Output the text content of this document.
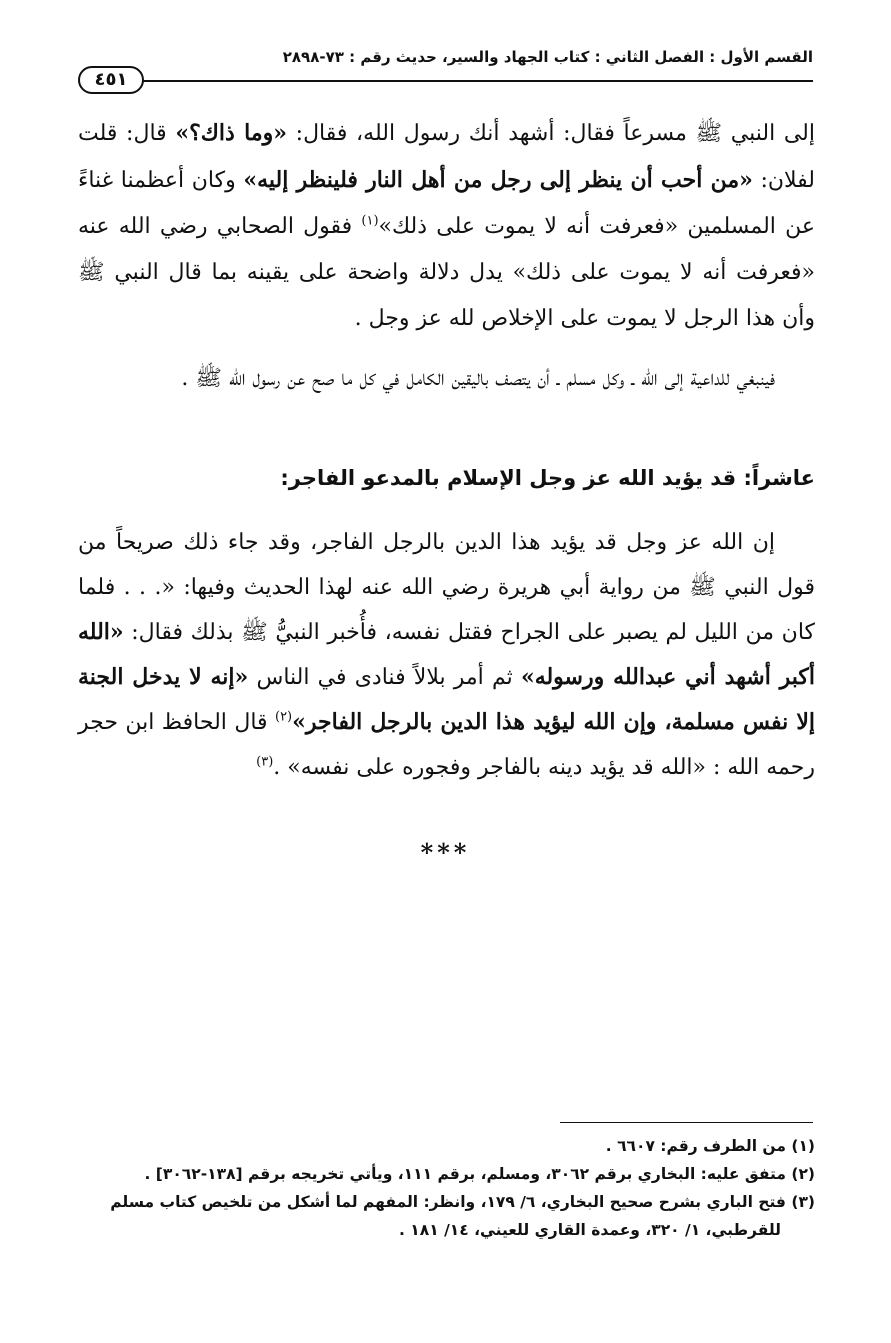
القسم الأول : الفصل الثاني : كتاب الجهاد والسير، حديث رقم : ٧٣-٢٨٩٨
٤٥١

إلى النبي ﷺ مسرعاً فقال: أشهد أنك رسول الله، فقال: «وما ذاك؟» قال: قلت لفلان: «من أحب أن ينظر إلى رجل من أهل النار فلينظر إليه» وكان أعظمنا غناءً عن المسلمين «فعرفت أنه لا يموت على ذلك»$^{(١)}$ فقول الصحابي رضي الله عنه «فعرفت أنه لا يموت على ذلك» يدل دلالة واضحة على يقينه بما قال النبي ﷺ وأن هذا الرجل لا يموت على الإخلاص لله عز وجل .

فينبغي للداعية إلى الله ـ وكل مسلم ـ أن يتصف باليقين الكامل في كل ما صح عن رسول الله ﷺ .

عاشراً: قد يؤيد الله عز وجل الإسلام بالمدعو الفاجر:

إن الله عز وجل قد يؤيد هذا الدين بالرجل الفاجر، وقد جاء ذلك صريحاً من قول النبي ﷺ من رواية أبي هريرة رضي الله عنه لهذا الحديث وفيها: «. . . فلما كان من الليل لم يصبر على الجراح فقتل نفسه، فأُخبر النبيُّ ﷺ بذلك فقال: «الله أكبر أشهد أني عبدالله ورسوله» ثم أمر بلالاً فنادى في الناس «إنه لا يدخل الجنة إلا نفس مسلمة، وإن الله ليؤيد هذا الدين بالرجل الفاجر»$^{(٢)}$ قال الحافظ ابن حجر رحمه الله : «الله قد يؤيد دينه بالفاجر وفجوره على نفسه» .$^{(٣)}$

***

(١) من الطرف رقم: ٦٦٠٧ .

(٢) متفق عليه: البخاري برقم ٣٠٦٢، ومسلم، برقم ١١١، ويأتي تخريجه برقم [١٣٨-٣٠٦٢] .

(٣) فتح الباري بشرح صحيح البخاري، ٦/ ١٧٩، وانظر: المفهم لما أشكل من تلخيص كتاب مسلم

للقرطبي، ١/ ٣٢٠، وعمدة القاري للعيني، ١٤/ ١٨١ .
